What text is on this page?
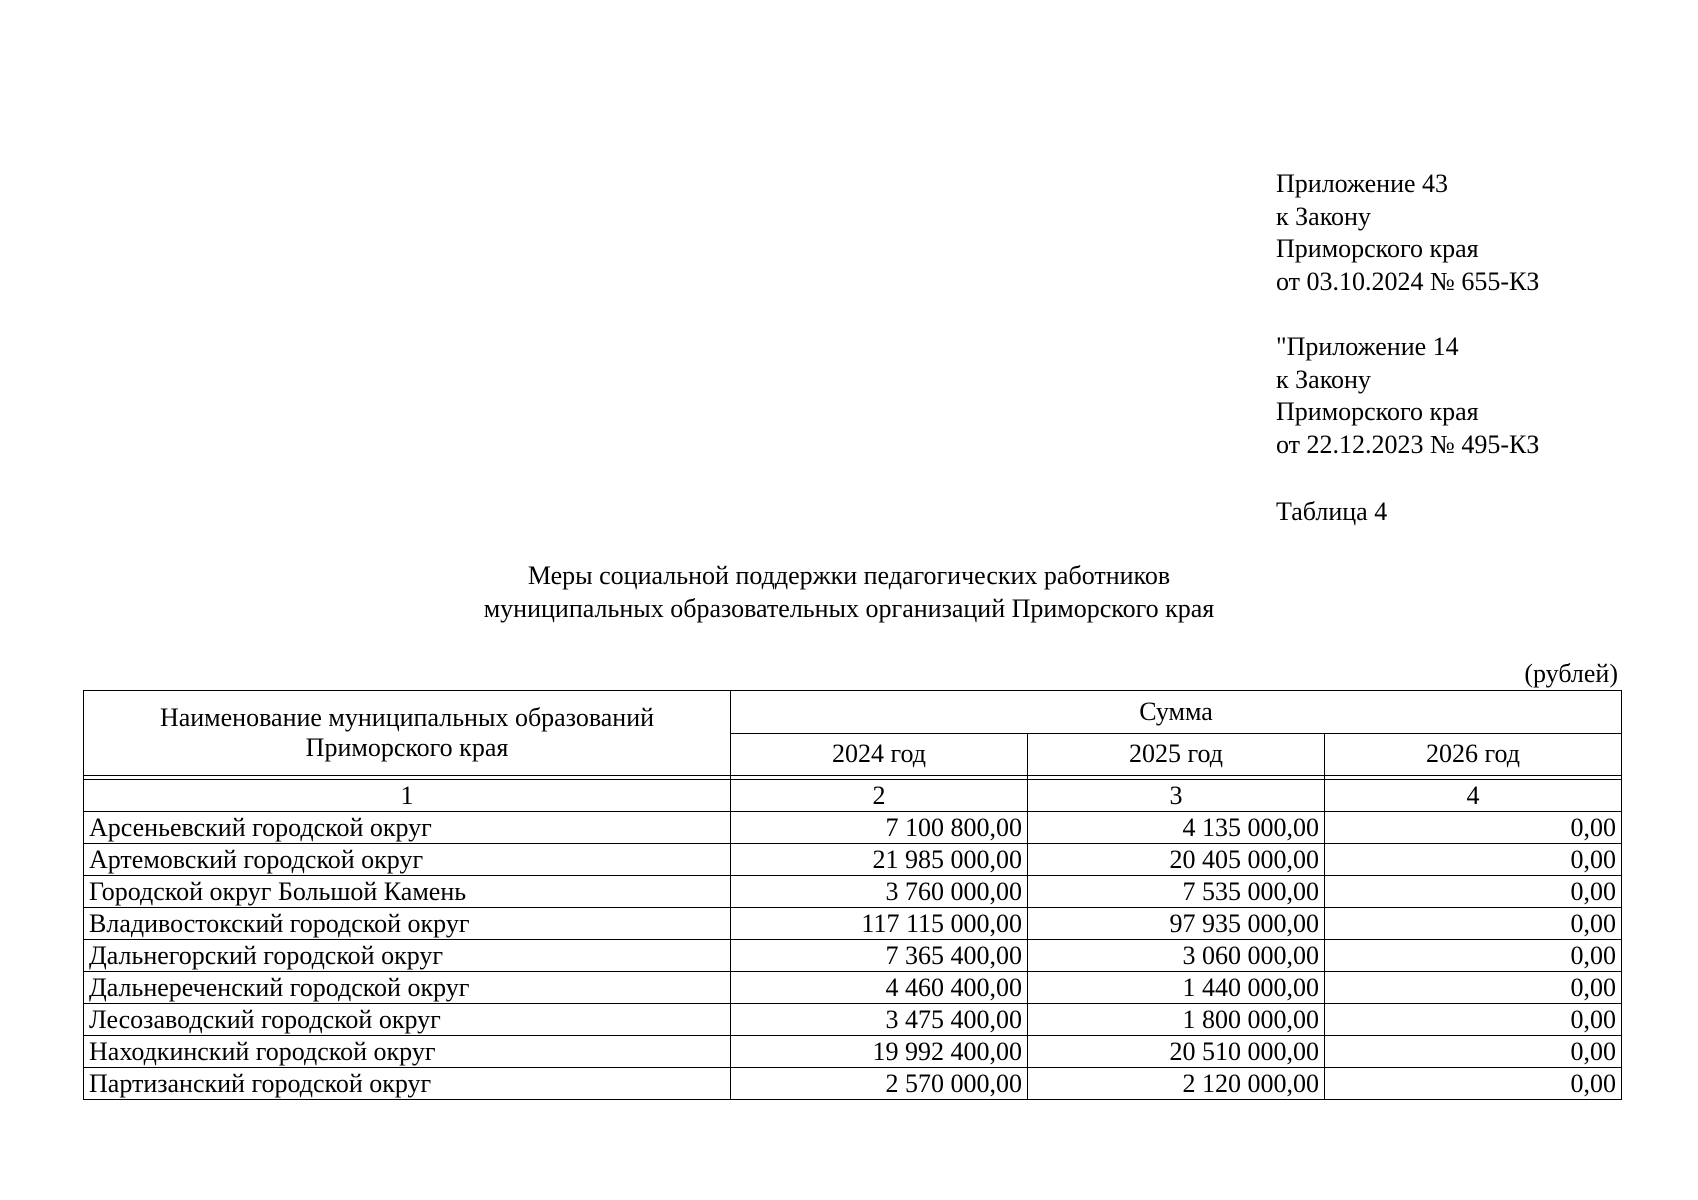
Приложение 43
к Закону
Приморского края
от 03.10.2024 № 655-КЗ
"Приложение 14
к Закону
Приморского края
от 22.12.2023 № 495-КЗ
Таблица 4
Меры социальной поддержки педагогических работников
муниципальных образовательных организаций Приморского края
(рублей)
Наименование муниципальных образований Приморского края	Сумма		
	2024 год	2025 год	2026 год

1	2	3	4
Арсеньевский городской округ	7 100 800,00	4 135 000,00	0,00
Артемовский городской округ	21 985 000,00	20 405 000,00	0,00
Городской округ Большой Камень	3 760 000,00	7 535 000,00	0,00
Владивостокский городской округ	117 115 000,00	97 935 000,00	0,00
Дальнегорский городской округ	7 365 400,00	3 060 000,00	0,00
Дальнереченский городской округ	4 460 400,00	1 440 000,00	0,00
Лесозаводский городской округ	3 475 400,00	1 800 000,00	0,00
Находкинский городской округ	19 992 400,00	20 510 000,00	0,00
Партизанский городской округ	2 570 000,00	2 120 000,00	0,00
